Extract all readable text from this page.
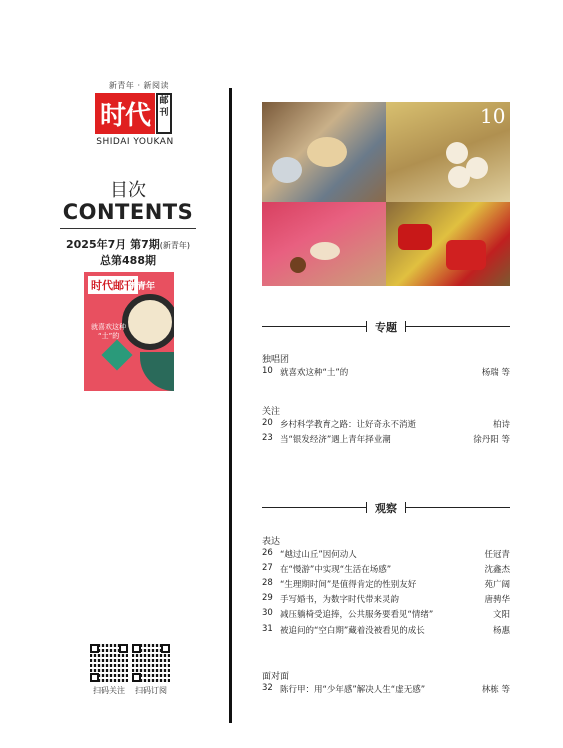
新青年 · 新阅读
时代	邮刊
SHIDAI YOUKAN
目次
CONTENTS
2025年7月 第7期(新青年)
总第488期
时代邮刊
新青年
就喜欢这种
“土”的
扫码关注	扫码订阅
10
专题
独唱团
10 就喜欢这种“土”的	杨瑞 等
关注
20 乡村科学教育之路：让好奇永不消逝	柏诗
23 当“银发经济”遇上青年择业潮	徐丹阳 等
观察
表达
26 “越过山丘”因何动人	任冠青
27 在“慢游”中实现“生活在场感”	沈鑫杰
28 “生理期时间”是值得肯定的性别友好	苑广阔
29 手写婚书，为数字时代带来灵韵	唐骋华
30 减压躺椅受追捧，公共服务要看见“情绪”	文阳
31 被追问的“空白期”藏着没被看见的成长	杨惠
面对面
32 陈行甲：用“少年感”解决人生“虚无感”	林栋 等
